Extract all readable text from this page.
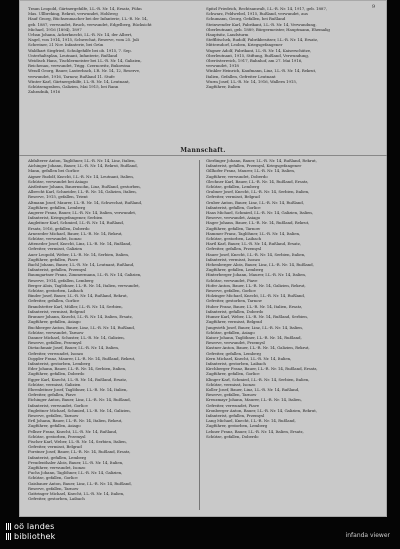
9
Traun Leopold, Gärtnergehilfe, I.L.-R. Nr. 14, Ersatz, Fühn
Mas. Ullbreking, Rekrut, verwundet, Hohlweg
Hauf Georg, Büchsenmacher bei der Infanterie, I.L.-R. Nr. 14,
geb. 1887, verwundet, Bruch, verwundet, Edgelberg, Rücksicht
Michael, 1916 (1894), 1897
Urban Johann, Ackerknecht, I.L.-R. Nr. 14, der Albert,
Nagel, von 1914, 1915, Schwechat, Reserve, vom 25. Juli
Schreiner, 21 Nov. Infanterie, bei Grün
Waldhart Siegfried, Schulgehilfe bei ob. 1915, 7. Sep.
Unterhaltsplan, Leutnant, Infanterie, Rußland
Weidisch Hans, Tischlermeister bei I.L.-R. Nr. 14, Galizien,
Reichenau, verwundet, Trigg. Czernowitz, Bukowina
Wendl Georg, Bauer, Lauterbach, I.R. Nr. 14, 12, Reserve,
verwundet, 1916, Tarnow, Rußland 11. Stufe
Winter Karl, Gärtnergehilfe, I.L.-R. Nr. 14, Leutnant,
Schützengraben, Galizien, Mai 1915, bei Rann
Zahradnik, 1916
Spitzl Friedrich, Rechtsanwalt, I.L.-R. Nr. 14, 1917, geb. 1887,
Schwarz, Feldwebel, 1915, Rußland, verwundet, aus
Schumann, Georg, Gefallen, bei Rußland
Steinwender Karl, Fabrikant, I.L.-R. Nr. 14, Verwundung,
Oberleutnant, geb. 1889, Bürgermeister, Hauptmann, Ehemalig
Hauptsitz, Landsturm
Stefflitschek, Rudolf, Fabrikbesitzer, I.L.-R. Nr. 14, Ersatz,
Mitterndorf, Leoben, Kriegsgefangener
Wagner Adolf, Fabrikant, I.L.-R. Nr. 14, Kaiserschütze,
Oberleutnant, 1915, Stiftung, Rußland, Verwundung,
Oberösterreich, 1917, Bahnhof, am 27. Mai 1916,
verwundet, 1918
Winkler Heinrich, Kaufmann, Linz, I.L.-R. Nr. 14, Rekrut,
Italien, Gefallen, Gefreiter Leutnant
Wurm Josef, I.L.-R. Nr. 14, 1916, Wallern 1915,
Zugführer, Italien
Mannschaft.
Abfalterer Anton, Taglöhner, I.L.-R. Nr. 14, Linz, Italien,
Aichinger Johann, Bauer, I.L.-R. Nr. 14, Rekrut, Rußland,
Mann, gefallen bei Gorlice
Aigner Rudolf, Knecht, I.L.-R. Nr. 14, Leutnant, Italien,
Schütze, verwundet bei Asiago
Aistleitner Johann, Bauernsohn, Linz, Rußland, gestorben,
Albrecht Karl, Schneider, I.L.-R. Nr. 14, Galizien, Italien,
Reserve, 1915, gefallen, Trient
Altmann Josef, Maurer, I.L.-R. Nr. 14, Schwechat, Rußland,
Zugführer, gefallen, Lemberg
Angerer Franz, Bauer, I.L.-R. Nr. 14, Italien, verwundet,
Infanterist, Kriegsgefangener, Serbien
Angleitner Karl, Schmied, I.L.-R. Nr. 14, Rußland,
Ersatz, 1916, gefallen, Doberdo
Arnezeder Michael, Bauer, I.L.-R. Nr. 14, Rekrut,
Schütze, verwundet, Isonzo
Atteneder Josef, Knecht, Linz, I.L.-R. Nr. 14, Rußland,
Gefreiter, vermisst, Galizien
Auer Leopold, Weber, I.L.-R. Nr. 14, Serbien, Italien,
Zugführer, gefallen, Piave
Bachl Johann, Bauer, I.L.-R. Nr. 14, Leutnant, Rußland,
Infanterist, gefallen, Przemysl
Baumgartner Franz, Zimmermann, I.L.-R. Nr. 14, Galizien,
Reserve, 1914, gefallen, Lemberg
Berger Alois, Taglöhner, I.L.-R. Nr. 14, Italien, verwundet,
Schütze, gestorben, Laibach
Binder Josef, Bauer, I.L.-R. Nr. 14, Rußland, Rekrut,
Gefreiter, gefallen, Gorlice
Brandstetter Karl, Müller, I.L.-R. Nr. 14, Serbien,
Infanterist, vermisst, Belgrad
Brunner Johann, Knecht, I.L.-R. Nr. 14, Italien, Ersatz,
Zugführer, gefallen, Asiago
Buchberger Anton, Bauer, Linz, I.L.-R. Nr. 14, Rußland,
Schütze, verwundet, Tarnow
Danner Michael, Schuster, I.L.-R. Nr. 14, Galizien,
Reserve, gefallen, Przemysl
Dietachmair Josef, Bauer, I.L.-R. Nr. 14, Italien,
Gefreiter, verwundet, Isonzo
Doppler Franz, Maurer, I.L.-R. Nr. 14, Rußland, Rekrut,
Infanterist, gestorben, Lemberg
Eder Johann, Bauer, I.L.-R. Nr. 14, Serbien, Italien,
Zugführer, gefallen, Doberdo
Egger Karl, Knecht, I.L.-R. Nr. 14, Rußland, Ersatz,
Schütze, vermisst, Galizien
Ehrenleitner Josef, Taglöhner, I.L.-R. Nr. 14, Italien,
Gefreiter, gefallen, Piave
Eichinger Anton, Bauer, Linz, I.L.-R. Nr. 14, Rußland,
Infanterist, verwundet, Gorlice
Engleitner Michael, Schmied, I.L.-R. Nr. 14, Galizien,
Reserve, gefallen, Tarnow
Ertl Johann, Bauer, I.L.-R. Nr. 14, Italien, Rekrut,
Zugführer, gefallen, Asiago
Fellner Franz, Knecht, I.L.-R. Nr. 14, Rußland,
Schütze, gestorben, Przemysl
Fischer Karl, Weber, I.L.-R. Nr. 14, Serbien, Italien,
Gefreiter, vermisst, Belgrad
Forstner Josef, Bauer, I.L.-R. Nr. 14, Rußland, Ersatz,
Infanterist, gefallen, Lemberg
Freudenthaler Alois, Bauer, I.L.-R. Nr. 14, Italien,
Zugführer, verwundet, Isonzo
Fuchs Johann, Taglöhner, I.L.-R. Nr. 14, Galizien,
Schütze, gefallen, Gorlice
Gaisbauer Anton, Bauer, Linz, I.L.-R. Nr. 14, Rußland,
Reserve, gefallen, Tarnow
Gattringer Michael, Knecht, I.L.-R. Nr. 14, Italien,
Gefreiter, gestorben, Laibach
Gierlinger Johann, Bauer, I.L.-R. Nr. 14, Rußland, Rekrut,
Infanterist, gefallen, Przemysl, Kriegsgefangener
Gillhofer Franz, Maurer, I.L.-R. Nr. 14, Italien,
Zugführer, verwundet, Doberdo
Glechner Karl, Bauer, I.L.-R. Nr. 14, Rußland, Ersatz,
Schütze, gefallen, Lemberg
Grabner Josef, Knecht, I.L.-R. Nr. 14, Serbien, Italien,
Gefreiter, vermisst, Belgrad
Gruber Anton, Bauer, Linz, I.L.-R. Nr. 14, Rußland,
Infanterist, gefallen, Gorlice
Haas Michael, Schmied, I.L.-R. Nr. 14, Galizien, Italien,
Reserve, verwundet, Asiago
Hager Johann, Bauer, I.L.-R. Nr. 14, Rußland, Rekrut,
Zugführer, gefallen, Tarnow
Hammer Franz, Taglöhner, I.L.-R. Nr. 14, Italien,
Schütze, gestorben, Laibach
Hartl Karl, Bauer, I.L.-R. Nr. 14, Rußland, Ersatz,
Gefreiter, gefallen, Przemysl
Hauer Josef, Knecht, I.L.-R. Nr. 14, Serbien, Italien,
Infanterist, vermisst, Isonzo
Hehenberger Alois, Bauer, Linz, I.L.-R. Nr. 14, Rußland,
Zugführer, gefallen, Lemberg
Hinterberger Johann, Maurer, I.L.-R. Nr. 14, Italien,
Schütze, verwundet, Piave
Hofer Anton, Bauer, I.L.-R. Nr. 14, Galizien, Rekrut,
Reserve, gefallen, Gorlice
Holzinger Michael, Knecht, I.L.-R. Nr. 14, Rußland,
Gefreiter, gestorben, Tarnow
Huber Franz, Bauer, I.L.-R. Nr. 14, Italien, Ersatz,
Infanterist, gefallen, Doberdo
Humer Karl, Weber, I.L.-R. Nr. 14, Rußland, Serbien,
Zugführer, vermisst, Belgrad
Jungwirth Josef, Bauer, Linz, I.L.-R. Nr. 14, Italien,
Schütze, gefallen, Asiago
Kaiser Johann, Taglöhner, I.L.-R. Nr. 14, Rußland,
Reserve, verwundet, Przemysl
Kastner Anton, Bauer, I.L.-R. Nr. 14, Galizien, Rekrut,
Gefreiter, gefallen, Lemberg
Kern Michael, Knecht, I.L.-R. Nr. 14, Italien,
Infanterist, gestorben, Laibach
Kirchberger Franz, Bauer, I.L.-R. Nr. 14, Rußland, Ersatz,
Zugführer, gefallen, Gorlice
Klinger Karl, Schmied, I.L.-R. Nr. 14, Serbien, Italien,
Schütze, vermisst, Isonzo
Koller Josef, Bauer, Linz, I.L.-R. Nr. 14, Rußland,
Reserve, gefallen, Tarnow
Kreuzmayr Johann, Maurer, I.L.-R. Nr. 14, Italien,
Gefreiter, verwundet, Piave
Kronberger Anton, Bauer, I.L.-R. Nr. 14, Galizien, Rekrut,
Infanterist, gefallen, Przemysl
Lang Michael, Knecht, I.L.-R. Nr. 14, Rußland,
Zugführer, gestorben, Lemberg
Lehner Franz, Bauer, I.L.-R. Nr. 14, Italien, Ersatz,
Schütze, gefallen, Doberdo
oö landes
bibliothek	infanda viewer
